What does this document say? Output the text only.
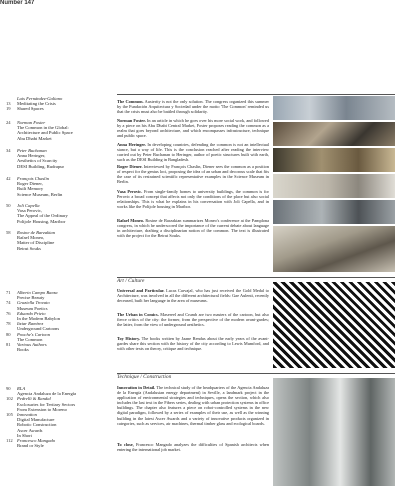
Number 147
Luis Fernández-Galiano
13	Meditating the Crisis
19	Shared Spaces
24	Norman Foster
The Common in the Global:
Architecture and Public Space
Abu Dhabi Market
34	Peter Buchanan
Anna Heringer,
Aesthetics of Scarcity
DESI Building, Rudrapur
42	François Chaslin
Roger Diener,
Built Memory
Science Museum, Berlin
50	Joli Capella
Vasa Perovic,
The Appeal of the Ordinary
Polijole Housing, Maribor
58	Rosine de Barzakian
Rafael Moneo,
Matter of Discipline
Beirut Souks
71	Alberto Campo Baeza
Precise Beauty
74	Graziella Trovato
Museum Poetics
76	Eduardo Prieto
In the Modern Babylon
78	Itziar Ramírez
Underground Cartoons
80	Pooche's Cartoon
The Common
81	Various Authors
Books
90	RLA
Agencia Andaluza de la Energía
102 Pedrelli & Randal
Exclosuries for Tertiary Sectors
From Extension to Moreno
105 Innovation
Digital Manufacture
Robotic Construction
Ascer Awards
In Short
112 Francesco Mangado
Brand or Style
The Common. Austerity is not the only solution. The congress organized this summer by the Fundación Arquitectura y Sociedad under the motto 'The Common' reminded us that the crisis must also be battled through solidarity.
Norman Foster. In an article in which he goes over his more social work, and followed by a piece on his Abu Dhabi Central Market, Foster proposes reading the common as a realm that goes beyond architecture, and which encompasses infrastructure, technique and public space.
Anna Heringer. In developing countries, defending the common is not an intellectual stance, but a way of life. This is the conclusion reached after reading the interview carried out by Peter Buchanan to Heringer, author of poetic structures built with earth, such as the DESI Building in Bangladesh.
Roger Diener. Interviewed by François Chaslin, Diener sees the common as a position of respect for the genius loci, proposing the idea of an urban and decorous scale that fits the case of its restrained scientific representative examples in the Science Museum in Berlin.
Vasa Perovic. From single-family homes to university buildings, the common is for Perovic a broad concept that affects not only the conditions of the place but also social relationships. This is what he explains in his conversation with Joli Capella, and in works like the Polijole housing in Maribor.
Rafael Moneo. Rosine de Barzakian summarizes Moneo's conference at the Pamplona congress, in which he underscored the importance of the current debate about language in architecture, drafting a disciplinarian notion of the common. The text is illustrated with the project for the Beirut Souks.
Art / Culture
Universal and Particular. Lucas Carvajal, who has just received the Gold Medal to Architecture, was involved in all the different architectural fields: Gae Aulenti, recently deceased, built her language in the area of museums.
The Urban in Comics. Masereel and Crumb are two masters of the cartoon, but also fierce critics of the city: the former, from the perspective of the modern avant-gardes; the latter, from the view of underground aesthetics.
Toy History. The books written by Jaane Rendus about the early years of the avant-gardes share this section with the history of the city according to Lewis Mumford, and with other texts on theory, critique and technique.
Technique / Construction
Innovation in Detail. The technical study of the headquarters of the Agencia Andaluza de la Energía (Andalusian energy department) in Seville, a landmark project in the application of environmental strategies and techniques, opens the section, which also includes the last text in the Fibers series, dealing with urban protection systems in office buildings. The chapter also features a piece on robot-controlled systems in the new digital paradigm, followed by a series of examples of their use, as well as the winning building in the latest Ascer Awards and a variety of innovative products organized in categories, such as services, air machines, thermal timber glass and ecological boards.
To close, Francesco Mangado analyzes the difficulties of Spanish architects when entering the international job market.
